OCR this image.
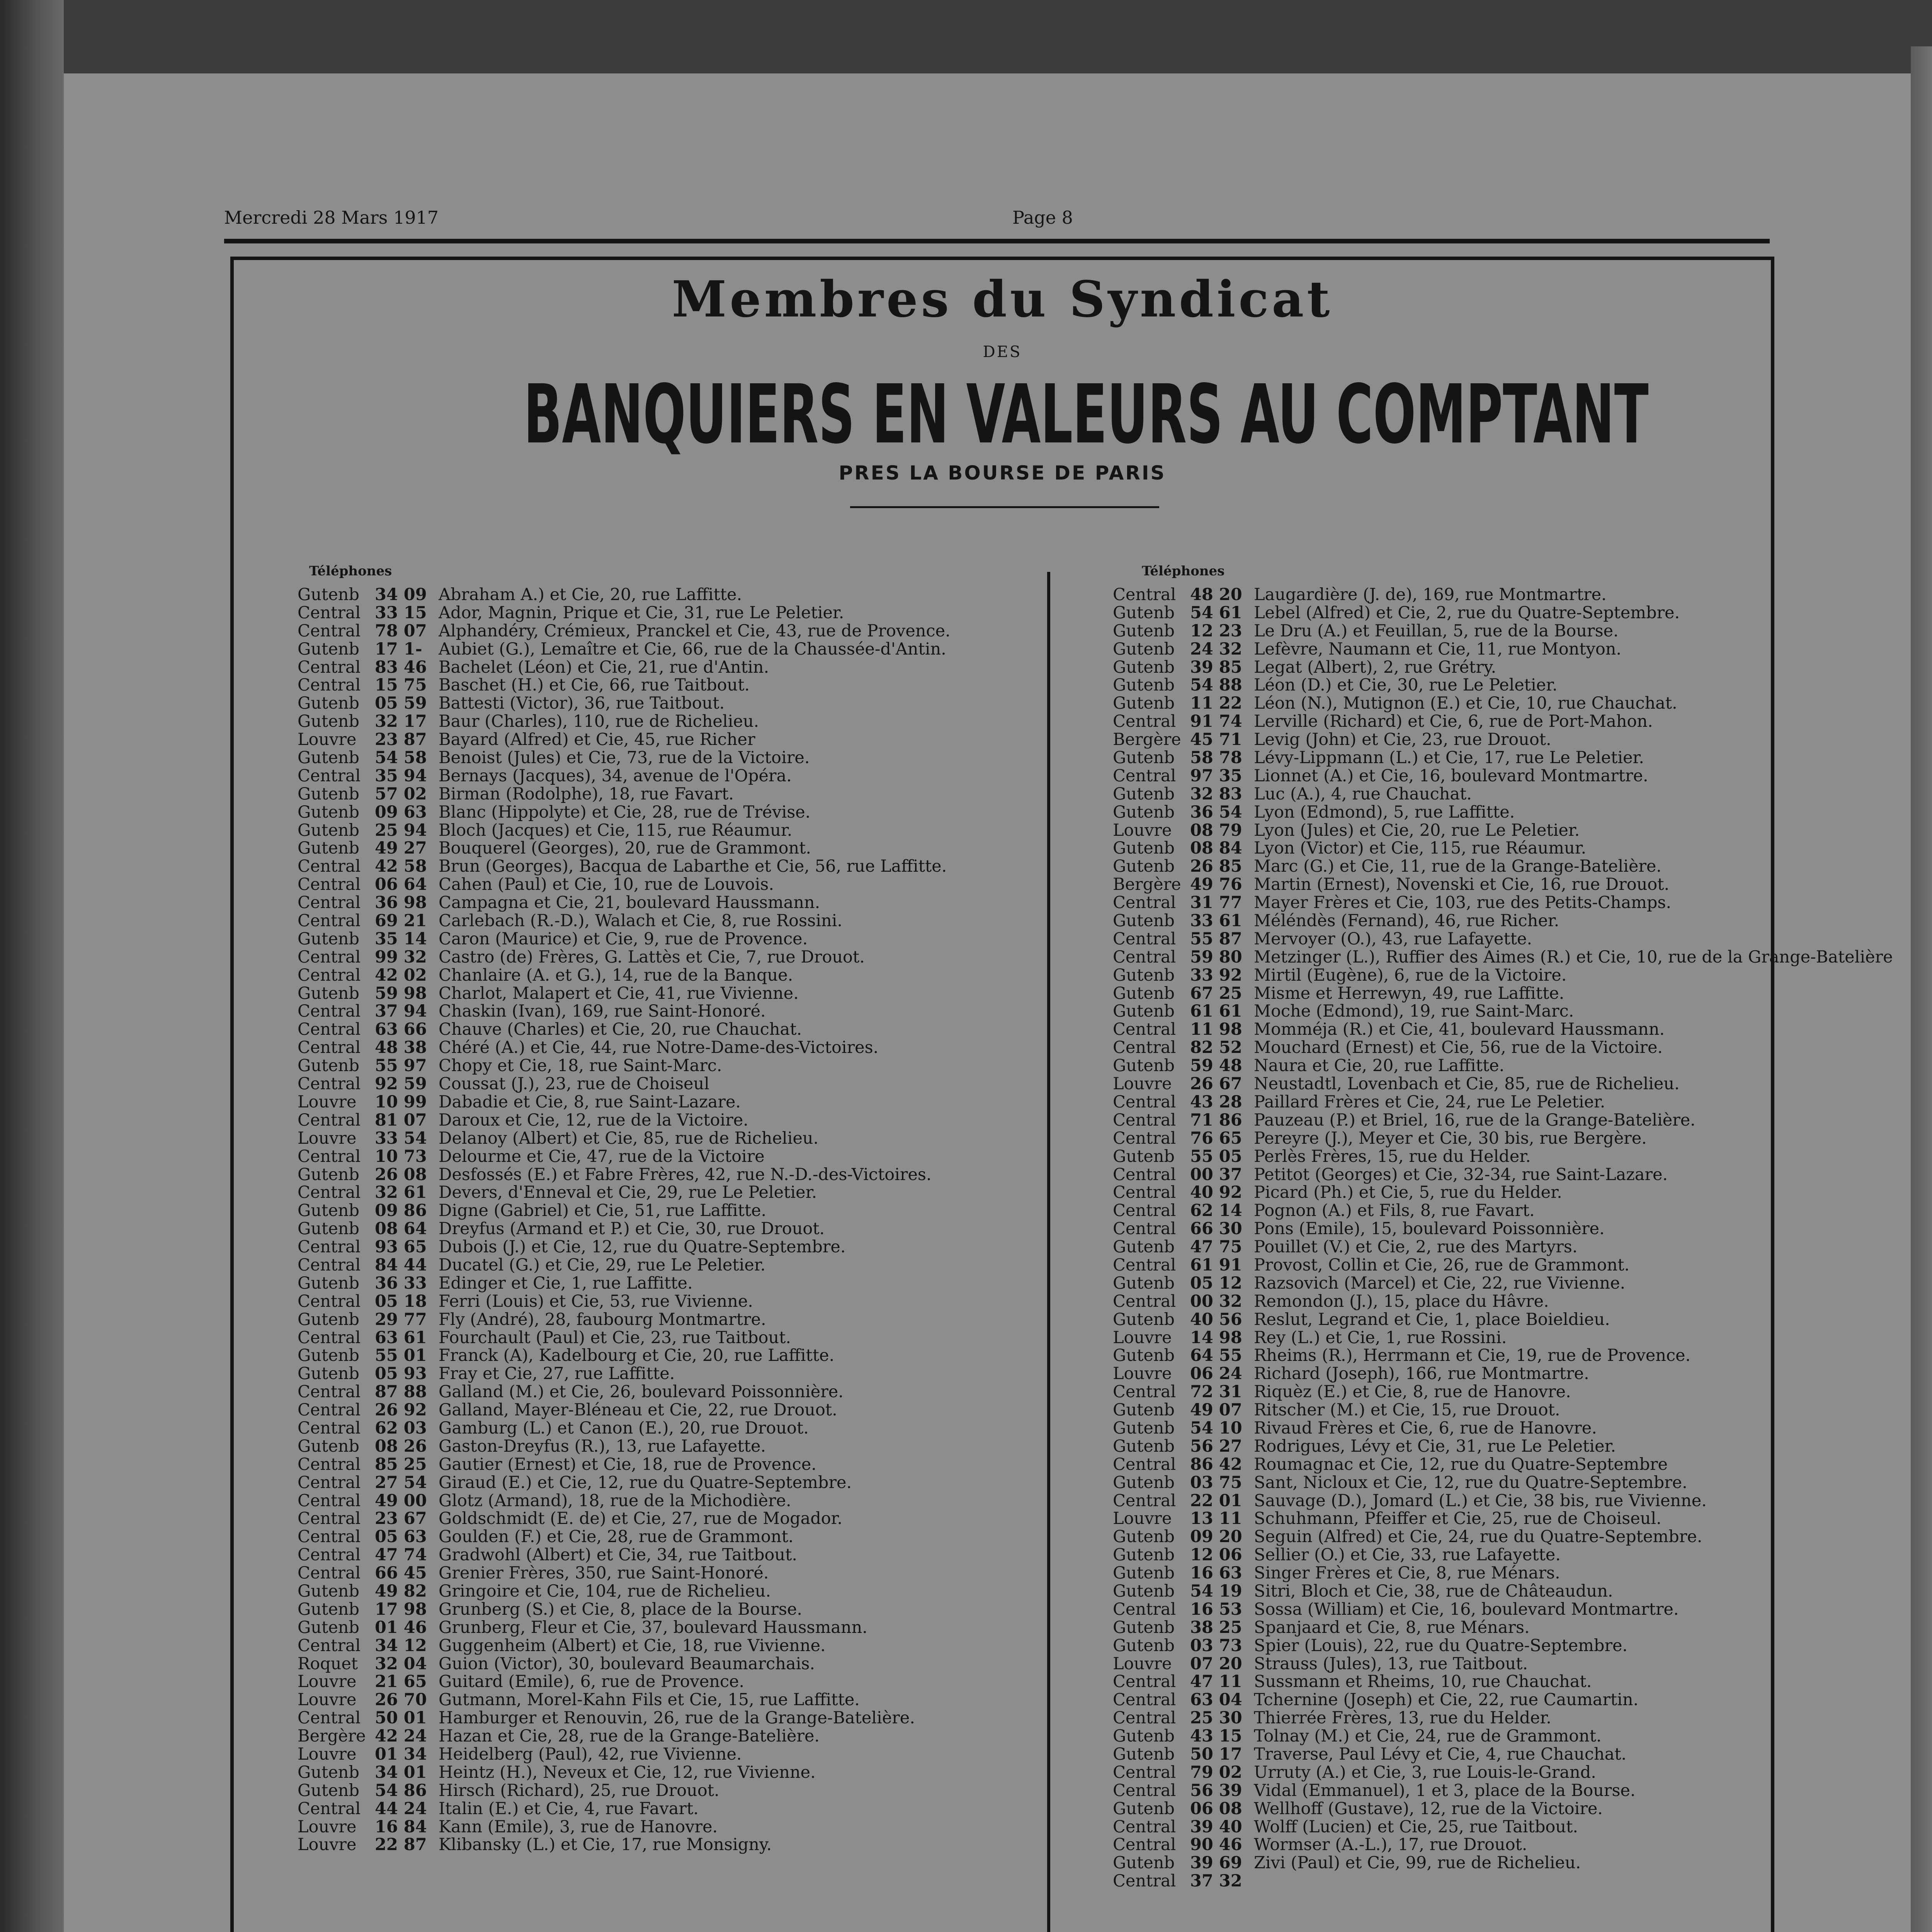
Mercredi 28 Mars 1917	Page 8
Membres du Syndicat
DES
BANQUIERS EN VALEURS AU COMPTANT
PRES LA BOURSE DE PARIS
Téléphones	Téléphones
Gutenb 34 09 Abraham A.) et Cie, 20, rue Laffitte.
Central 33 15 Ador, Magnin, Prique et Cie, 31, rue Le Peletier.
Central 78 07 Alphandéry, Crémieux, Pranckel et Cie, 43, rue de Provence.
Gutenb 17 1- Aubiet (G.), Lemaître et Cie, 66, rue de la Chaussée-d'Antin.
Central 83 46 Bachelet (Léon) et Cie, 21, rue d'Antin.
Central 15 75 Baschet (H.) et Cie, 66, rue Taitbout.
Gutenb 05 59 Battesti (Victor), 36, rue Taitbout.
Gutenb 32 17 Baur (Charles), 110, rue de Richelieu.
Louvre 23 87 Bayard (Alfred) et Cie, 45, rue Richer
Gutenb 54 58 Benoist (Jules) et Cie, 73, rue de la Victoire.
Central 35 94 Bernays (Jacques), 34, avenue de l'Opéra.
Gutenb 57 02 Birman (Rodolphe), 18, rue Favart.
Gutenb 09 63 Blanc (Hippolyte) et Cie, 28, rue de Trévise.
Gutenb 25 94 Bloch (Jacques) et Cie, 115, rue Réaumur.
Gutenb 49 27 Bouquerel (Georges), 20, rue de Grammont.
Central 42 58 Brun (Georges), Bacqua de Labarthe et Cie, 56, rue Laffitte.
Central 06 64 Cahen (Paul) et Cie, 10, rue de Louvois.
Central 36 98 Campagna et Cie, 21, boulevard Haussmann.
Central 69 21 Carlebach (R.-D.), Walach et Cie, 8, rue Rossini.
Gutenb 35 14 Caron (Maurice) et Cie, 9, rue de Provence.
Central 99 32 Castro (de) Frères, G. Lattès et Cie, 7, rue Drouot.
Central 42 02 Chanlaire (A. et G.), 14, rue de la Banque.
Gutenb 59 98 Charlot, Malapert et Cie, 41, rue Vivienne.
Central 37 94 Chaskin (Ivan), 169, rue Saint-Honoré.
Central 63 66 Chauve (Charles) et Cie, 20, rue Chauchat.
Central 48 38 Chéré (A.) et Cie, 44, rue Notre-Dame-des-Victoires.
Gutenb 55 97 Chopy et Cie, 18, rue Saint-Marc.
Central 92 59 Coussat (J.), 23, rue de Choiseul
Louvre 10 99 Dabadie et Cie, 8, rue Saint-Lazare.
Central 81 07 Daroux et Cie, 12, rue de la Victoire.
Louvre 33 54 Delanoy (Albert) et Cie, 85, rue de Richelieu.
Central 10 73 Delourme et Cie, 47, rue de la Victoire
Gutenb 26 08 Desfossés (E.) et Fabre Frères, 42, rue N.-D.-des-Victoires.
Central 32 61 Devers, d'Enneval et Cie, 29, rue Le Peletier.
Gutenb 09 86 Digne (Gabriel) et Cie, 51, rue Laffitte.
Gutenb 08 64 Dreyfus (Armand et P.) et Cie, 30, rue Drouot.
Central 93 65 Dubois (J.) et Cie, 12, rue du Quatre-Septembre.
Central 84 44 Ducatel (G.) et Cie, 29, rue Le Peletier.
Gutenb 36 33 Edinger et Cie, 1, rue Laffitte.
Central 05 18 Ferri (Louis) et Cie, 53, rue Vivienne.
Gutenb 29 77 Fly (André), 28, faubourg Montmartre.
Central 63 61 Fourchault (Paul) et Cie, 23, rue Taitbout.
Gutenb 55 01 Franck (A), Kadelbourg et Cie, 20, rue Laffitte.
Gutenb 05 93 Fray et Cie, 27, rue Laffitte.
Central 87 88 Galland (M.) et Cie, 26, boulevard Poissonnière.
Central 26 92 Galland, Mayer-Bléneau et Cie, 22, rue Drouot.
Central 62 03 Gamburg (L.) et Canon (E.), 20, rue Drouot.
Gutenb 08 26 Gaston-Dreyfus (R.), 13, rue Lafayette.
Central 85 25 Gautier (Ernest) et Cie, 18, rue de Provence.
Central 27 54 Giraud (E.) et Cie, 12, rue du Quatre-Septembre.
Central 49 00 Glotz (Armand), 18, rue de la Michodière.
Central 23 67 Goldschmidt (E. de) et Cie, 27, rue de Mogador.
Central 05 63 Goulden (F.) et Cie, 28, rue de Grammont.
Central 47 74 Gradwohl (Albert) et Cie, 34, rue Taitbout.
Central 66 45 Grenier Frères, 350, rue Saint-Honoré.
Gutenb 49 82 Gringoire et Cie, 104, rue de Richelieu.
Gutenb 17 98 Grunberg (S.) et Cie, 8, place de la Bourse.
Gutenb 01 46 Grunberg, Fleur et Cie, 37, boulevard Haussmann.
Central 34 12 Guggenheim (Albert) et Cie, 18, rue Vivienne.
Roquet 32 04 Guion (Victor), 30, boulevard Beaumarchais.
Louvre 21 65 Guitard (Emile), 6, rue de Provence.
Louvre 26 70 Gutmann, Morel-Kahn Fils et Cie, 15, rue Laffitte.
Central 50 01 Hamburger et Renouvin, 26, rue de la Grange-Batelière.
Bergère 42 24 Hazan et Cie, 28, rue de la Grange-Batelière.
Louvre 01 34 Heidelberg (Paul), 42, rue Vivienne.
Gutenb 34 01 Heintz (H.), Neveux et Cie, 12, rue Vivienne.
Gutenb 54 86 Hirsch (Richard), 25, rue Drouot.
Central 44 24 Italin (E.) et Cie, 4, rue Favart.
Louvre 16 84 Kann (Emile), 3, rue de Hanovre.
Louvre 22 87 Klibansky (L.) et Cie, 17, rue Monsigny.
Central 48 20 Laugardière (J. de), 169, rue Montmartre.
Gutenb 54 61 Lebel (Alfred) et Cie, 2, rue du Quatre-Septembre.
Gutenb 12 23 Le Dru (A.) et Feuillan, 5, rue de la Bourse.
Gutenb 24 32 Lefèvre, Naumann et Cie, 11, rue Montyon.
Gutenb 39 85 Legat (Albert), 2, rue Grétry.
Gutenb 54 88 Léon (D.) et Cie, 30, rue Le Peletier.
Gutenb 11 22 Léon (N.), Mutignon (E.) et Cie, 10, rue Chauchat.
Central 91 74 Lerville (Richard) et Cie, 6, rue de Port-Mahon.
Bergère 45 71 Levig (John) et Cie, 23, rue Drouot.
Gutenb 58 78 Lévy-Lippmann (L.) et Cie, 17, rue Le Peletier.
Central 97 35 Lionnet (A.) et Cie, 16, boulevard Montmartre.
Gutenb 32 83 Luc (A.), 4, rue Chauchat.
Gutenb 36 54 Lyon (Edmond), 5, rue Laffitte.
Louvre 08 79 Lyon (Jules) et Cie, 20, rue Le Peletier.
Gutenb 08 84 Lyon (Victor) et Cie, 115, rue Réaumur.
Gutenb 26 85 Marc (G.) et Cie, 11, rue de la Grange-Batelière.
Bergère 49 76 Martin (Ernest), Novenski et Cie, 16, rue Drouot.
Central 31 77 Mayer Frères et Cie, 103, rue des Petits-Champs.
Gutenb 33 61 Méléndès (Fernand), 46, rue Richer.
Central 55 87 Mervoyer (O.), 43, rue Lafayette.
Central 59 80 Metzinger (L.), Ruffier des Aimes (R.) et Cie, 10, rue de la Grange-Batelière
Gutenb 33 92 Mirtil (Eugène), 6, rue de la Victoire.
Gutenb 67 25 Misme et Herrewyn, 49, rue Laffitte.
Gutenb 61 61 Moche (Edmond), 19, rue Saint-Marc.
Central 11 98 Momméja (R.) et Cie, 41, boulevard Haussmann.
Central 82 52 Mouchard (Ernest) et Cie, 56, rue de la Victoire.
Gutenb 59 48 Naura et Cie, 20, rue Laffitte.
Louvre 26 67 Neustadtl, Lovenbach et Cie, 85, rue de Richelieu.
Central 43 28 Paillard Frères et Cie, 24, rue Le Peletier.
Central 71 86 Pauzeau (P.) et Briel, 16, rue de la Grange-Batelière.
Central 76 65 Pereyre (J.), Meyer et Cie, 30 bis, rue Bergère.
Gutenb 55 05 Perlès Frères, 15, rue du Helder.
Central 00 37 Petitot (Georges) et Cie, 32-34, rue Saint-Lazare.
Central 40 92 Picard (Ph.) et Cie, 5, rue du Helder.
Central 62 14 Pognon (A.) et Fils, 8, rue Favart.
Central 66 30 Pons (Emile), 15, boulevard Poissonnière.
Gutenb 47 75 Pouillet (V.) et Cie, 2, rue des Martyrs.
Central 61 91 Provost, Collin et Cie, 26, rue de Grammont.
Gutenb 05 12 Razsovich (Marcel) et Cie, 22, rue Vivienne.
Central 00 32 Remondon (J.), 15, place du Hâvre.
Gutenb 40 56 Reslut, Legrand et Cie, 1, place Boieldieu.
Louvre 14 98 Rey (L.) et Cie, 1, rue Rossini.
Gutenb 64 55 Rheims (R.), Herrmann et Cie, 19, rue de Provence.
Louvre 06 24 Richard (Joseph), 166, rue Montmartre.
Central 72 31 Riquèz (E.) et Cie, 8, rue de Hanovre.
Gutenb 49 07 Ritscher (M.) et Cie, 15, rue Drouot.
Gutenb 54 10 Rivaud Frères et Cie, 6, rue de Hanovre.
Gutenb 56 27 Rodrigues, Lévy et Cie, 31, rue Le Peletier.
Central 86 42 Roumagnac et Cie, 12, rue du Quatre-Septembre
Gutenb 03 75 Sant, Nicloux et Cie, 12, rue du Quatre-Septembre.
Central 22 01 Sauvage (D.), Jomard (L.) et Cie, 38 bis, rue Vivienne.
Louvre 13 11 Schuhmann, Pfeiffer et Cie, 25, rue de Choiseul.
Gutenb 09 20 Seguin (Alfred) et Cie, 24, rue du Quatre-Septembre.
Gutenb 12 06 Sellier (O.) et Cie, 33, rue Lafayette.
Gutenb 16 63 Singer Frères et Cie, 8, rue Ménars.
Gutenb 54 19 Sitri, Bloch et Cie, 38, rue de Châteaudun.
Central 16 53 Sossa (William) et Cie, 16, boulevard Montmartre.
Gutenb 38 25 Spanjaard et Cie, 8, rue Ménars.
Gutenb 03 73 Spier (Louis), 22, rue du Quatre-Septembre.
Louvre 07 20 Strauss (Jules), 13, rue Taitbout.
Central 47 11 Sussmann et Rheims, 10, rue Chauchat.
Central 63 04 Tchernine (Joseph) et Cie, 22, rue Caumartin.
Central 25 30 Thierrée Frères, 13, rue du Helder.
Gutenb 43 15 Tolnay (M.) et Cie, 24, rue de Grammont.
Gutenb 50 17 Traverse, Paul Lévy et Cie, 4, rue Chauchat.
Central 79 02 Urruty (A.) et Cie, 3, rue Louis-le-Grand.
Central 56 39 Vidal (Emmanuel), 1 et 3, place de la Bourse.
Gutenb 06 08 Wellhoff (Gustave), 12, rue de la Victoire.
Central 39 40 Wolff (Lucien) et Cie, 25, rue Taitbout.
Central 90 46 Wormser (A.-L.), 17, rue Drouot.
Gutenb 39 69 Zivi (Paul) et Cie, 99, rue de Richelieu.
Central 37 32
